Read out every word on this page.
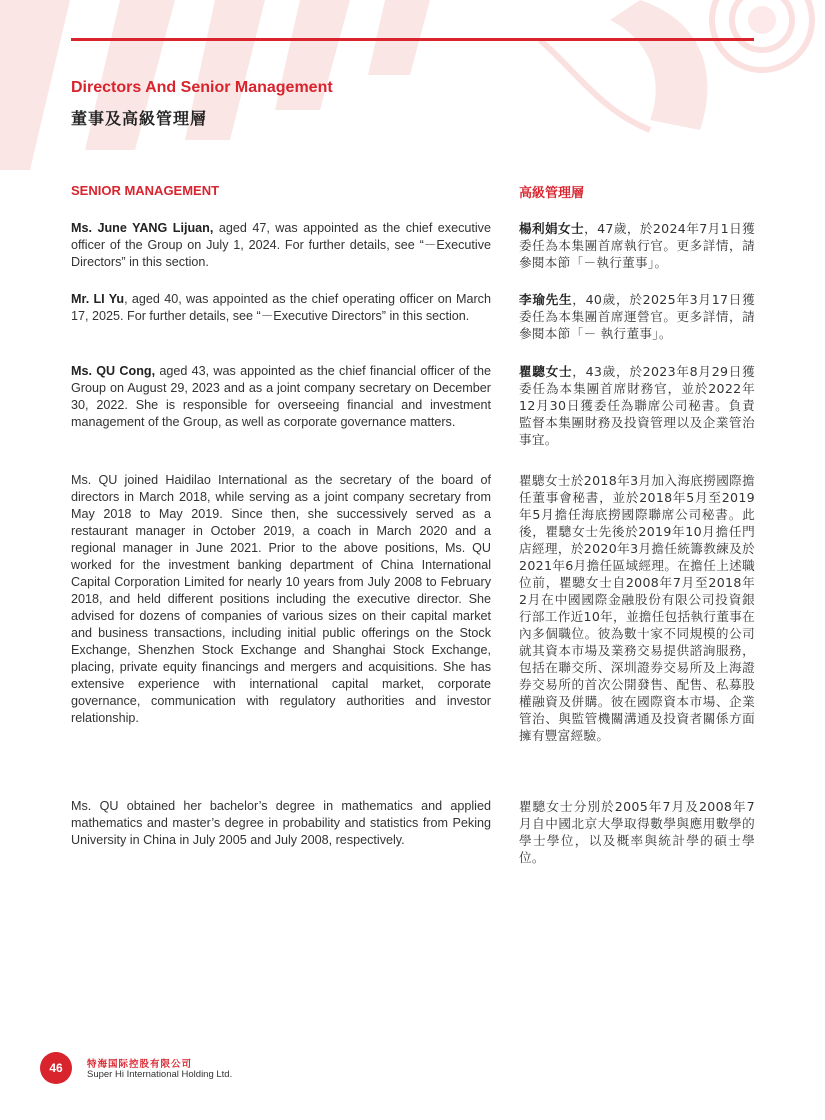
Directors And Senior Management
董事及高級管理層
SENIOR MANAGEMENT	高級管理層

Ms. June YANG Lijuan, aged 47, was appointed as the chief executive officer of the Group on July 1, 2024. For further details, see “－Executive Directors” in this section.

Mr. LI Yu, aged 40, was appointed as the chief operating officer on March 17, 2025. For further details, see “－Executive Directors” in this section.

Ms. QU Cong, aged 43, was appointed as the chief financial officer of the Group on August 29, 2023 and as a joint company secretary on December 30, 2022. She is responsible for overseeing financial and investment management of the Group, as well as corporate governance matters.

Ms. QU joined Haidilao International as the secretary of the board of directors in March 2018, while serving as a joint company secretary from May 2018 to May 2019. Since then, she successively served as a restaurant manager in October 2019, a coach in March 2020 and a regional manager in June 2021. Prior to the above positions, Ms. QU worked for the investment banking department of China International Capital Corporation Limited for nearly 10 years from July 2008 to February 2018, and held different positions including the executive director. She advised for dozens of companies of various sizes on their capital market and business transactions, including initial public offerings on the Stock Exchange, Shenzhen Stock Exchange and Shanghai Stock Exchange, placing, private equity financings and mergers and acquisitions. She has extensive experience with international capital market, corporate governance, communication with regulatory authorities and investor relationship.

Ms. QU obtained her bachelor’s degree in mathematics and applied mathematics and master’s degree in probability and statistics from Peking University in China in July 2005 and July 2008, respectively.

楊利娟女士，47歲，於2024年7月1日獲委任為本集團首席執行官。更多詳情，請參閱本節「－執行董事」。

李瑜先生，40歲，於2025年3月17日獲委任為本集團首席運營官。更多詳情，請參閱本節「－ 執行董事」。

瞿驄女士，43歲，於2023年8月29日獲委任為本集團首席財務官，並於2022年12月30日獲委任為聯席公司秘書。負責監督本集團財務及投資管理以及企業管治事宜。

瞿驄女士於2018年3月加入海底撈國際擔任董事會秘書，並於2018年5月至2019年5月擔任海底撈國際聯席公司秘書。此後，瞿驄女士先後於2019年10月擔任門店經理，於2020年3月擔任統籌教練及於2021年6月擔任區域經理。在擔任上述職位前，瞿驄女士自2008年7月至2018年2月在中國國際金融股份有限公司投資銀行部工作近10年，並擔任包括執行董事在內多個職位。彼為數十家不同規模的公司就其資本市場及業務交易提供諮詢服務，包括在聯交所、深圳證券交易所及上海證券交易所的首次公開發售、配售、私募股權融資及併購。彼在國際資本市場、企業管治、與監管機關溝通及投資者關係方面擁有豐富經驗。

瞿驄女士分別於2005年7月及2008年7月自中國北京大學取得數學與應用數學的學士學位，以及概率與統計學的碩士學位。

46	特海国际控股有限公司
Super Hi International Holding Ltd.
